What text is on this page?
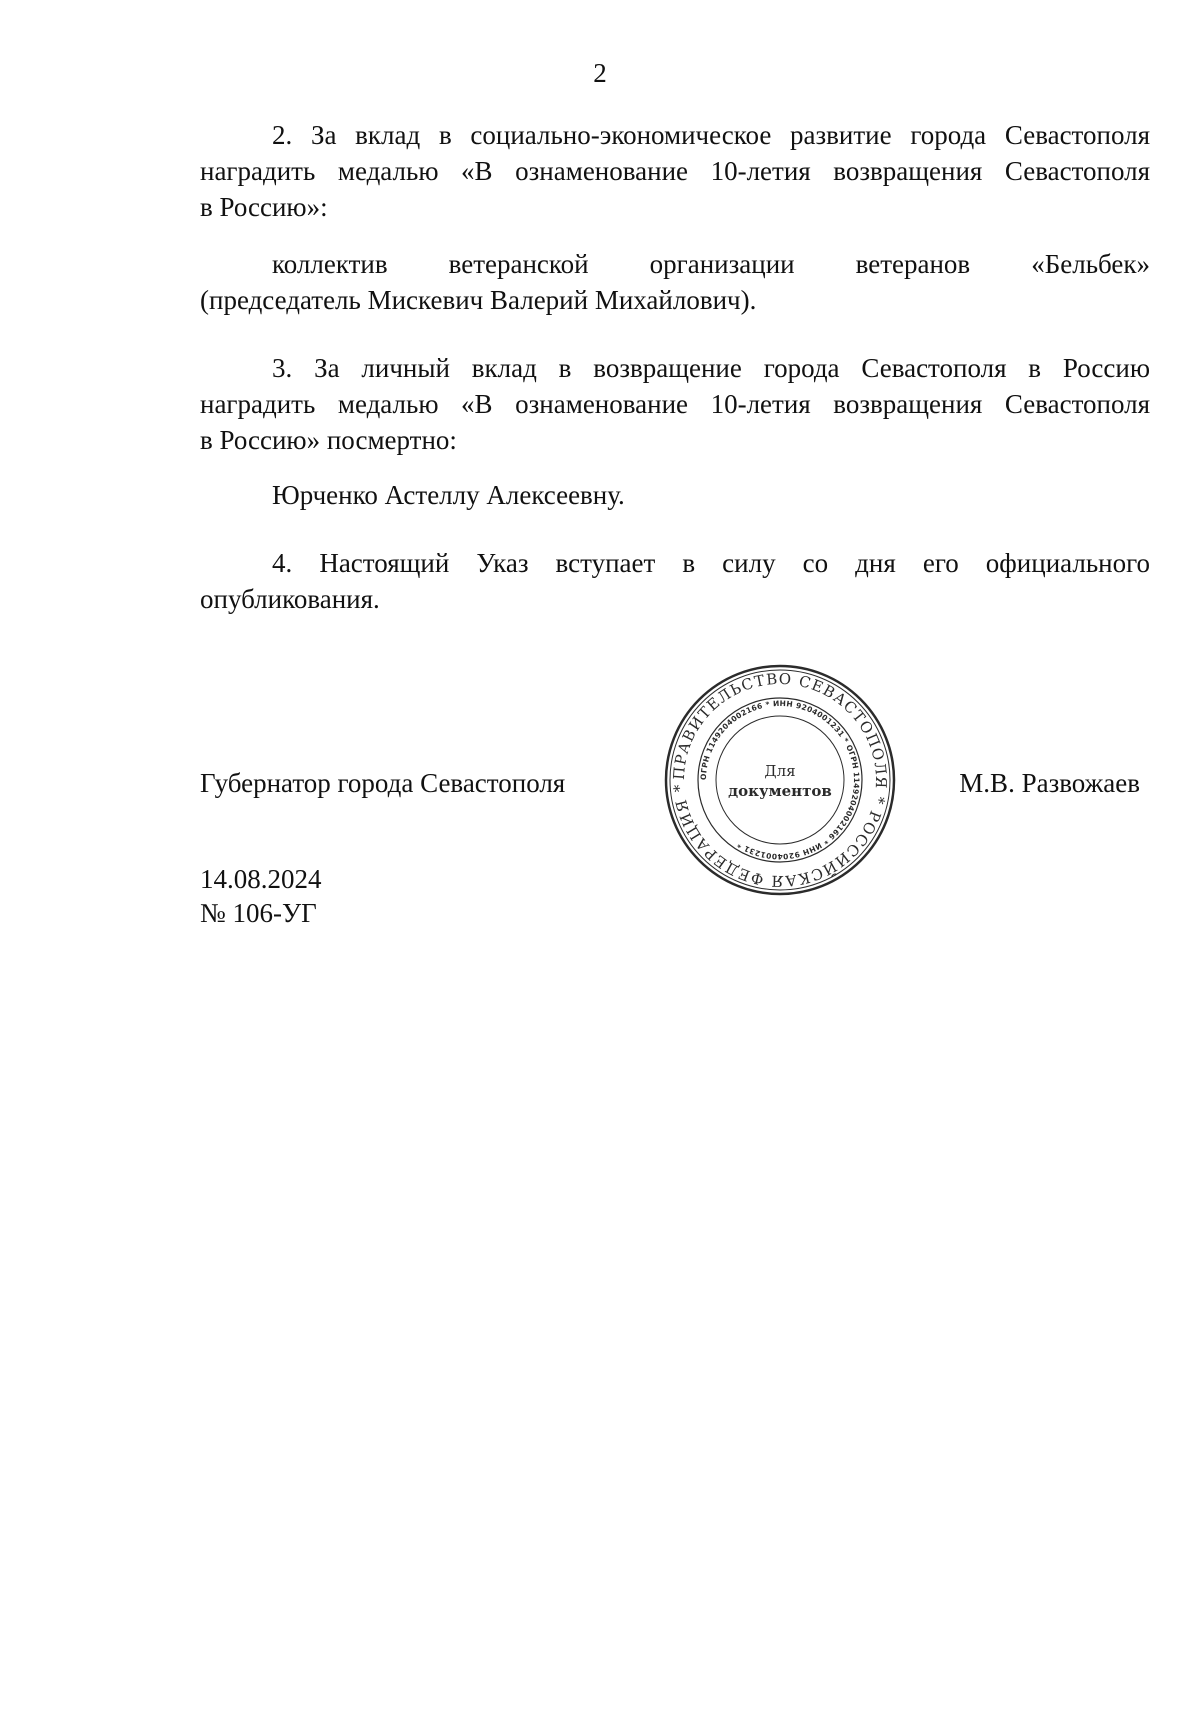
2

2. За вклад в социально-экономическое развитие города Севастополя

наградить медалью «В ознаменование 10-летия возвращения Севастополя

в Россию»:

коллектив ветеранской организации ветеранов «Бельбек»

(председатель Мискевич Валерий Михайлович).

3. За личный вклад в возвращение города Севастополя в Россию

наградить медалью «В ознаменование 10-летия возвращения Севастополя

в Россию» посмертно:

Юрченко Астеллу Алексеевну.

4. Настоящий Указ вступает в силу со дня его официального

опубликования.

Губернатор города Севастополя	М.В. Развожаев
ПРАВИТЕЛЬСТВО СЕВАСТОПОЛЯ * РОССИЙСКАЯ ФЕДЕРАЦИЯ *
ОГРН 1149204002166 * ИНН 9204001231 * ОГРН 1149204002166 * ИНН 9204001231 *
Для
документов
14.08.2024
№ 106-УГ
